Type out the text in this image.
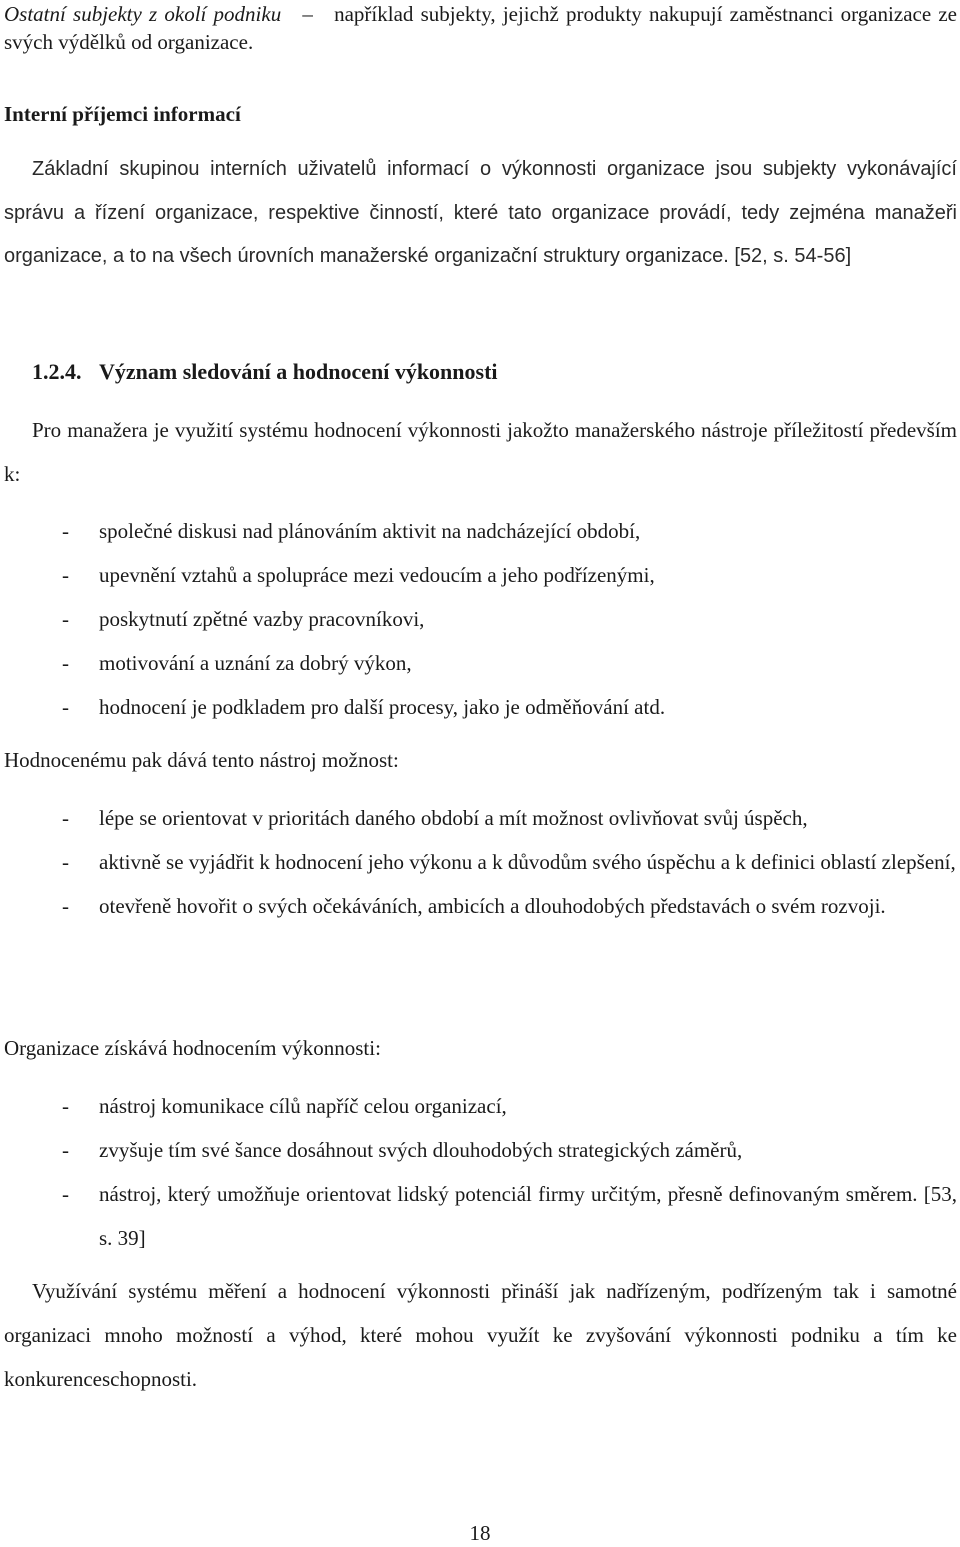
Ostatní subjekty z okolí podniku – například subjekty, jejichž produkty nakupují zaměstnanci organizace ze svých výdělků od organizace.

Interní příjemci informací

Základní skupinou interních uživatelů informací o výkonnosti organizace jsou subjekty vykonávající správu a řízení organizace, respektive činností, které tato organizace provádí, tedy zejména manažeři organizace, a to na všech úrovních manažerské organizační struktury organizace. [52, s. 54-56]

1.2.4. Význam sledování a hodnocení výkonnosti

Pro manažera je využití systému hodnocení výkonnosti jakožto manažerského nástroje příležitostí především k:

- společné diskusi nad plánováním aktivit na nadcházející období,
- upevnění vztahů a spolupráce mezi vedoucím a jeho podřízenými,
- poskytnutí zpětné vazby pracovníkovi,
- motivování a uznání za dobrý výkon,
- hodnocení je podkladem pro další procesy, jako je odměňování atd.

Hodnocenému pak dává tento nástroj možnost:

- lépe se orientovat v prioritách daného období a mít možnost ovlivňovat svůj úspěch,
- aktivně se vyjádřit k hodnocení jeho výkonu a k důvodům svého úspěchu a k definici oblastí zlepšení,
- otevřeně hovořit o svých očekáváních, ambicích a dlouhodobých představách o svém rozvoji.

Organizace získává hodnocením výkonnosti:

- nástroj komunikace cílů napříč celou organizací,
- zvyšuje tím své šance dosáhnout svých dlouhodobých strategických záměrů,
- nástroj, který umožňuje orientovat lidský potenciál firmy určitým, přesně definovaným směrem. [53, s. 39]

Využívání systému měření a hodnocení výkonnosti přináší jak nadřízeným, podřízeným tak i samotné organizaci mnoho možností a výhod, které mohou využít ke zvyšování výkonnosti podniku a tím ke konkurenceschopnosti.

18
